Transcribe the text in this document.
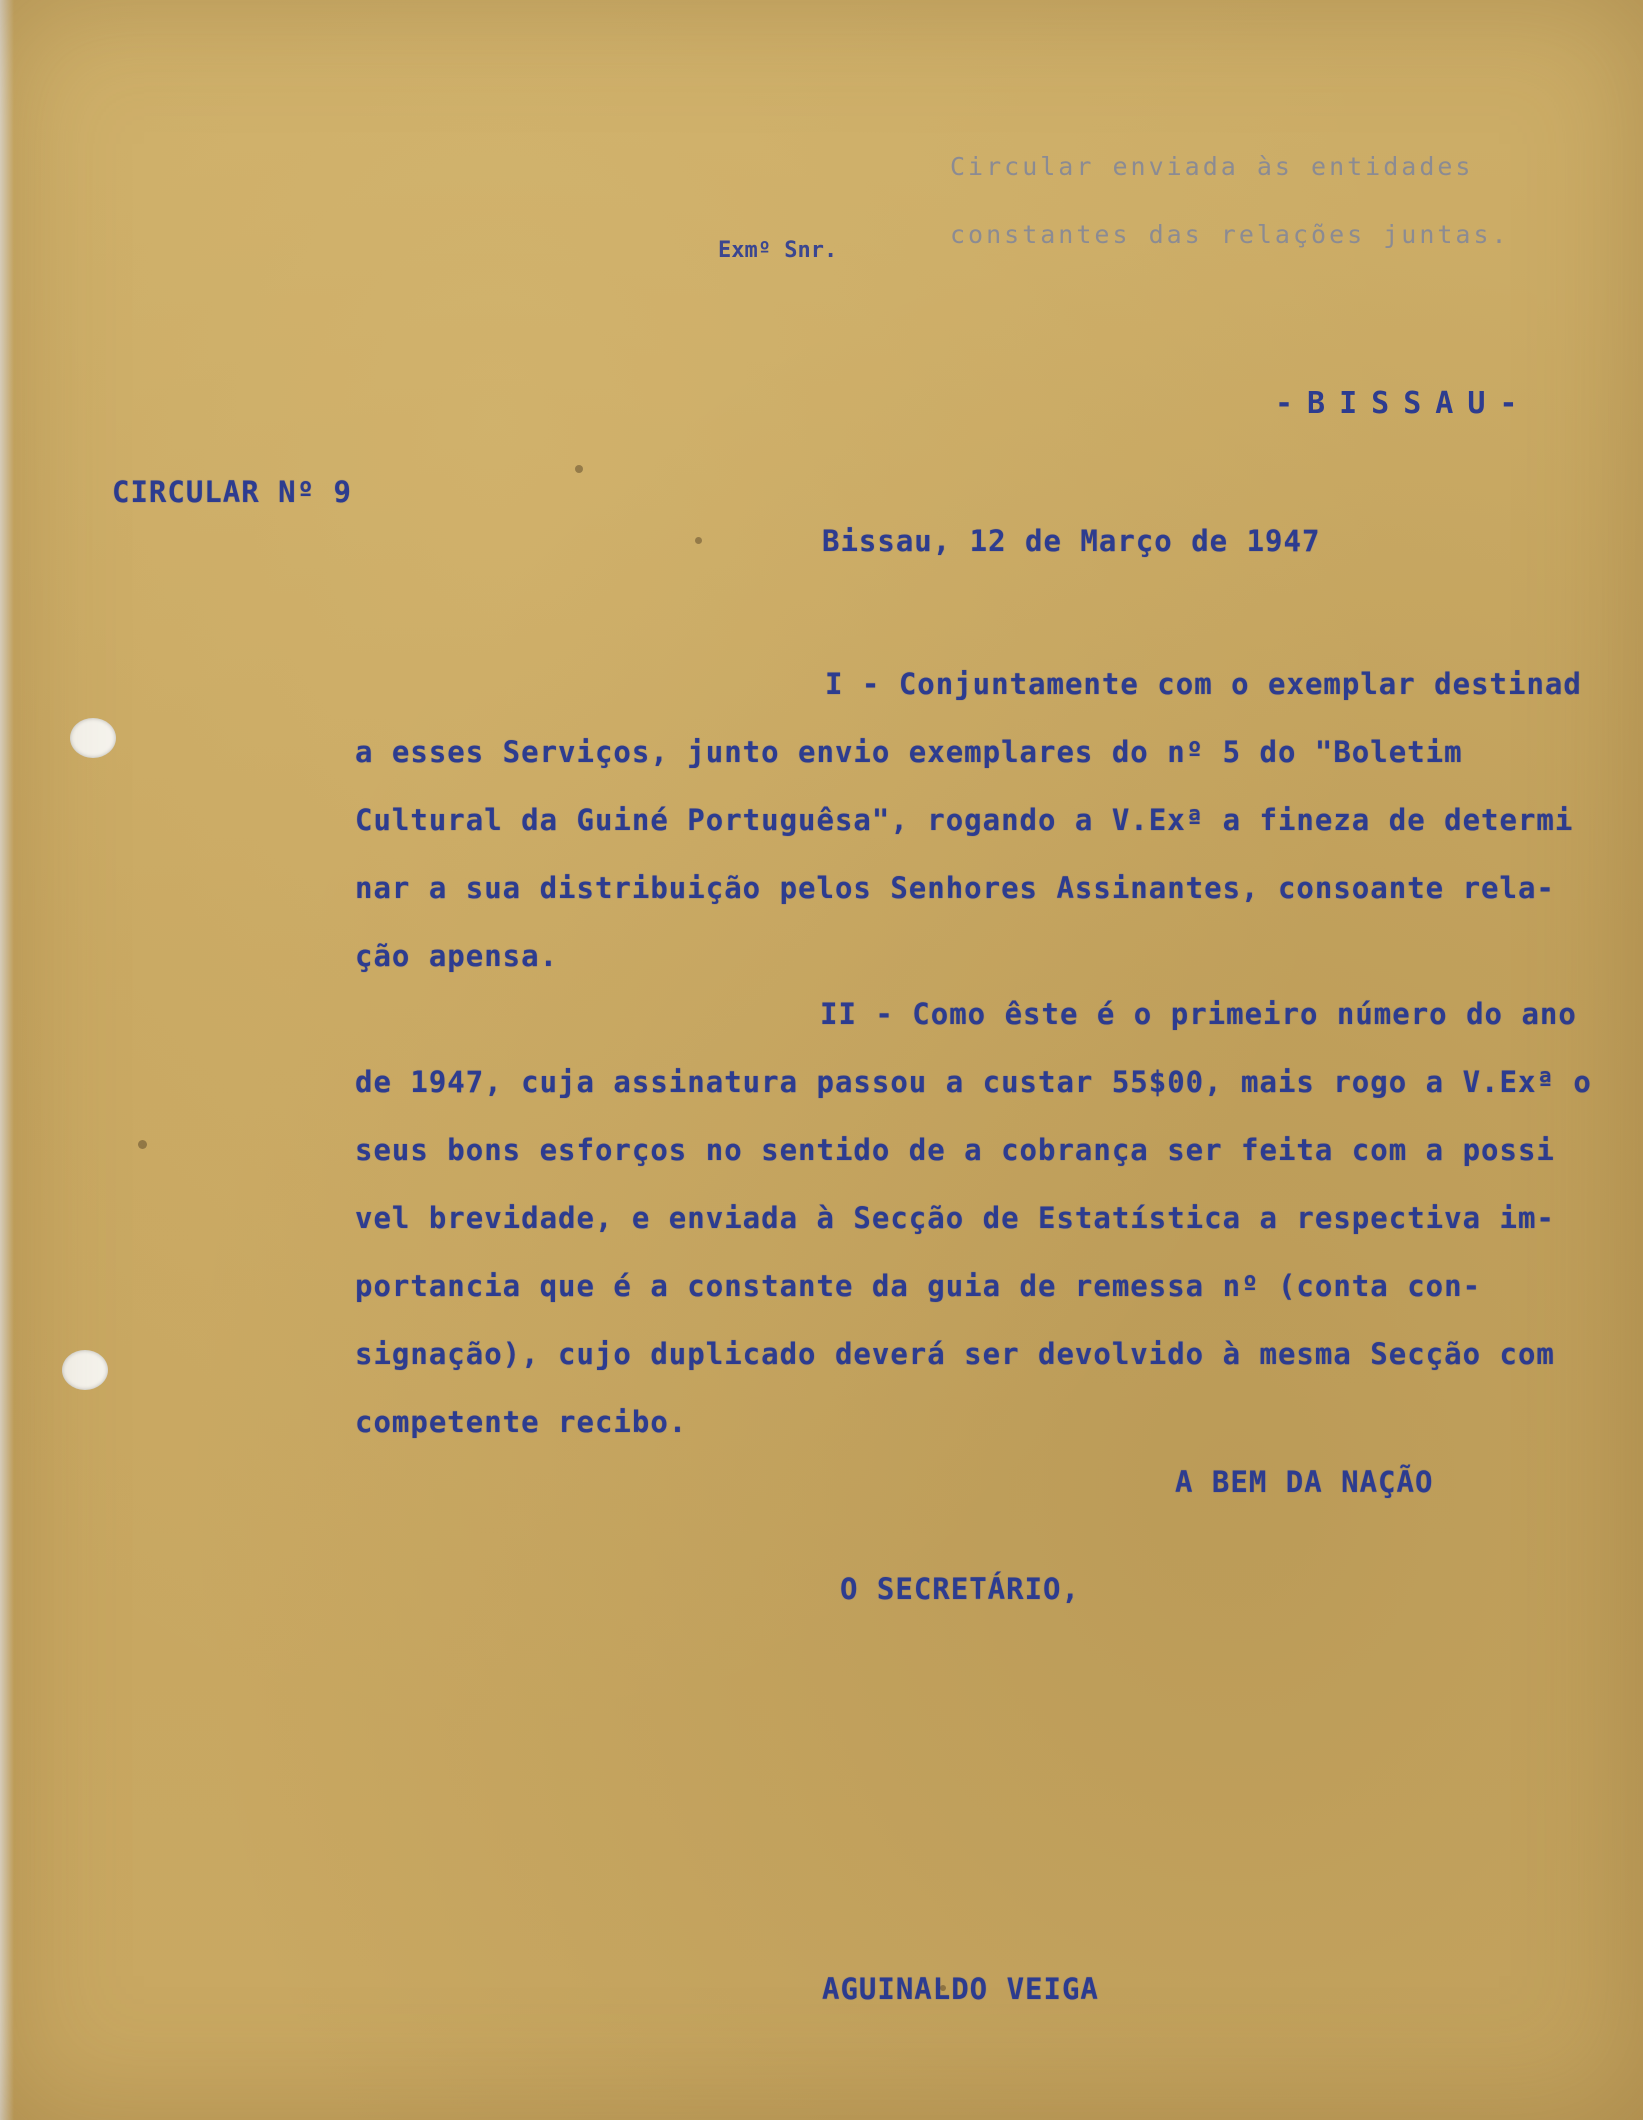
Circular enviada às entidades

constantes das relações juntas.

Exmº Snr.

-BISSAU-

CIRCULAR Nº 9

Bissau, 12 de Março de 1947

I - Conjuntamente com o exemplar destinad
a esses Serviços, junto envio exemplares do nº 5 do "Boletim
Cultural da Guiné Portuguêsa", rogando a V.Exª a fineza de determi
nar a sua distribuição pelos Senhores Assinantes, consoante rela-
ção apensa.
II - Como êste é o primeiro número do ano
de 1947, cuja assinatura passou a custar 55$00, mais rogo a V.Exª o
seus bons esforços no sentido de a cobrança ser feita com a possi
vel brevidade, e enviada à Secção de Estatística a respectiva im-
portancia que é a constante da guia de remessa nº (conta con-
signação), cujo duplicado deverá ser devolvido à mesma Secção com
competente recibo.

A BEM DA NAÇÃO

O SECRETÁRIO,

AGUINALDO VEIGA
